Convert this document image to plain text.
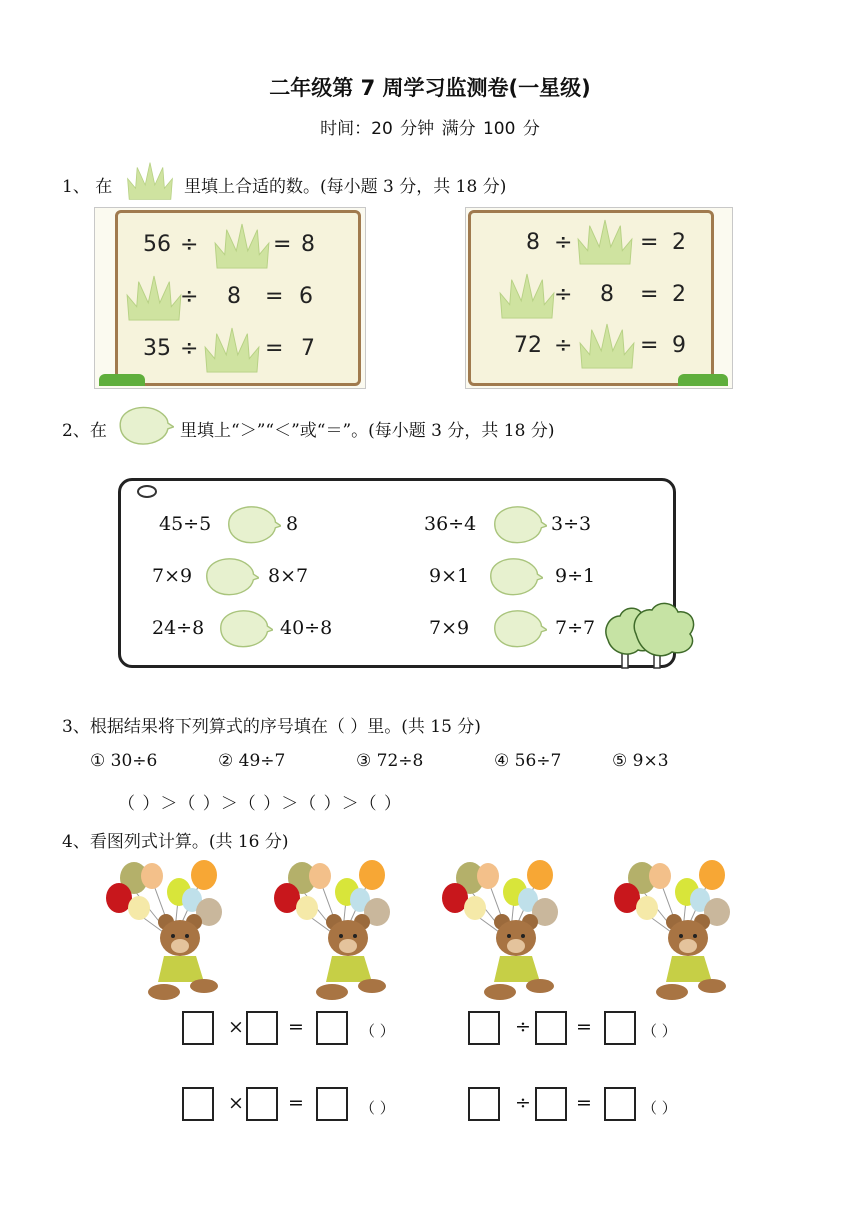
二年级第 7 周学习监测卷(一星级)
时间：20 分钟 满分 100 分
1、 在	里填上合适的数。(每小题 3 分，共 18 分)
56 ÷	= 8
÷ 8 = 6
35 ÷	= 7
8 ÷	= 2
÷ 8 = 2
72 ÷	= 9
2、在	里填上“＞”“＜”或“＝”。(每小题 3 分，共 18 分)
45÷5	8	36÷4	3÷3
7×9	8×7	9×1	9÷1
24÷8	40÷8	7×9	7÷7
3、根据结果将下列算式的序号填在（ ）里。(共 15 分)
① 30÷6	② 49÷7	③ 72÷8	④ 56÷7	⑤ 9×3
（ ）＞（ ）＞（ ）＞（ ）＞（ ）
4、看图列式计算。(共 16 分)
× =	（ ）	÷ =	（ ）
× =	（ ）	÷ =	（ ）
